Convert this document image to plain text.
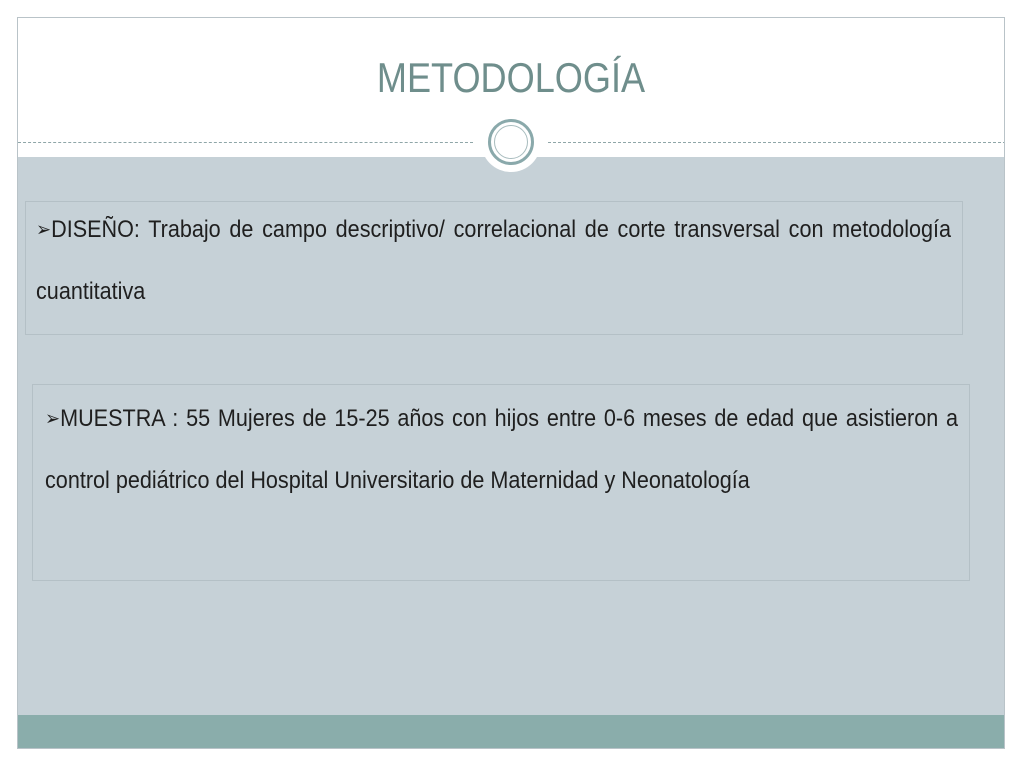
METODOLOGÍA
➢DISEÑO: Trabajo de campo descriptivo/ correlacional de corte transversal con metodología cuantitativa
➢MUESTRA : 55 Mujeres de 15-25 años con hijos entre 0-6 meses de edad que asistieron a control pediátrico del Hospital Universitario de Maternidad y Neonatología
